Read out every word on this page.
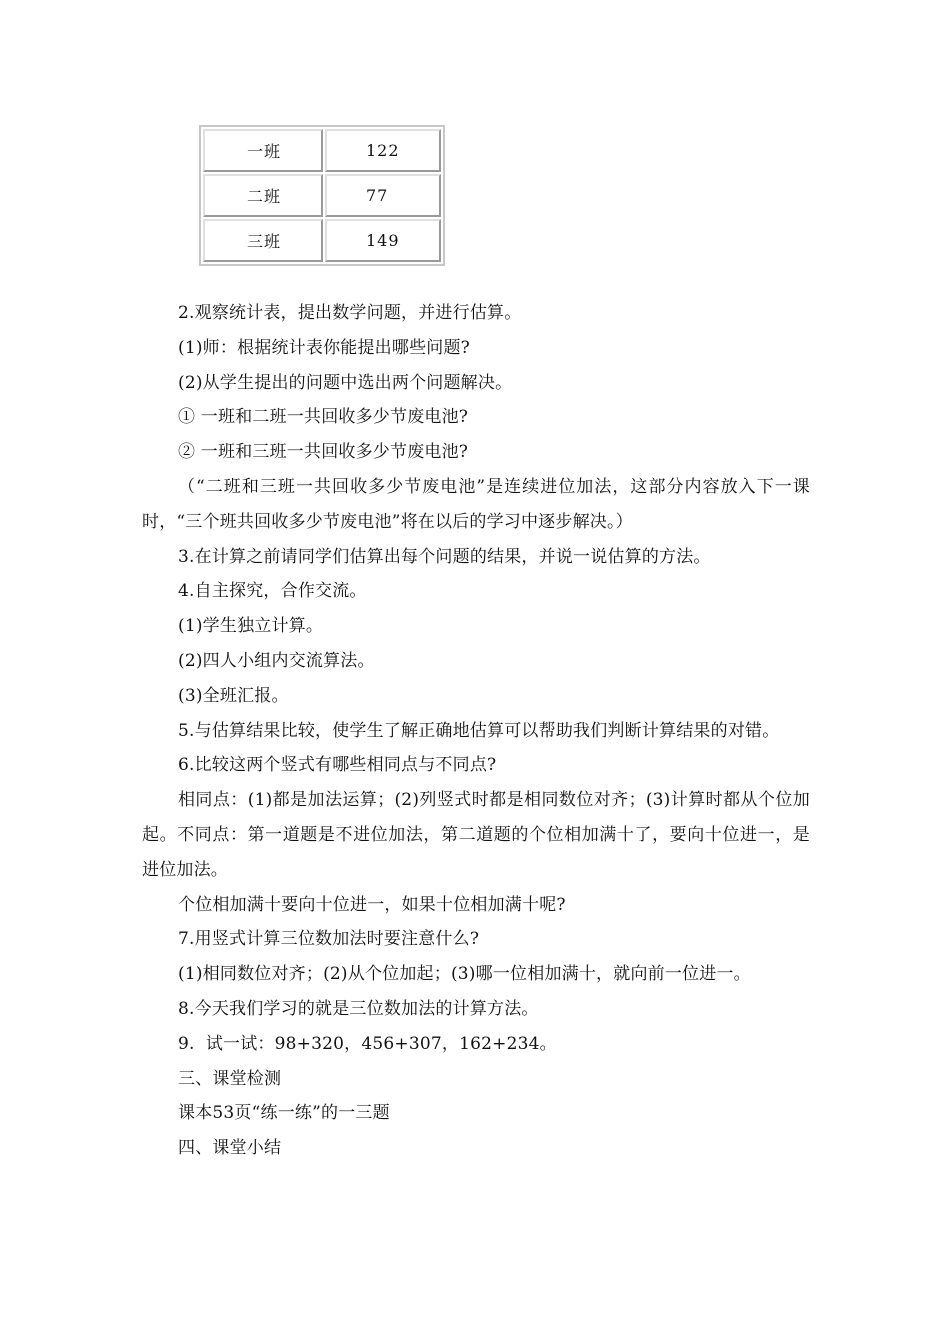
一班	122
二班	77
三班	149
2.观察统计表，提出数学问题，并进行估算。
(1)师：根据统计表你能提出哪些问题?
(2)从学生提出的问题中选出两个问题解决。
① 一班和二班一共回收多少节废电池?
② 一班和三班一共回收多少节废电池?
（“二班和三班一共回收多少节废电池”是连续进位加法，这部分内容放入下一课时，“三个班共回收多少节废电池”将在以后的学习中逐步解决。）
3.在计算之前请同学们估算出每个问题的结果，并说一说估算的方法。
4.自主探究，合作交流。
(1)学生独立计算。
(2)四人小组内交流算法。
(3)全班汇报。
5.与估算结果比较，使学生了解正确地估算可以帮助我们判断计算结果的对错。
6.比较这两个竖式有哪些相同点与不同点?
相同点：(1)都是加法运算；(2)列竖式时都是相同数位对齐；(3)计算时都从个位加起。不同点：第一道题是不进位加法，第二道题的个位相加满十了，要向十位进一，是进位加法。
个位相加满十要向十位进一，如果十位相加满十呢?
7.用竖式计算三位数加法时要注意什么?
(1)相同数位对齐；(2)从个位加起；(3)哪一位相加满十，就向前一位进一。
8.今天我们学习的就是三位数加法的计算方法。
9.  试一试：98+320，456+307，162+234。
三、课堂检测
课本53页“练一练”的一三题
四、课堂小结
